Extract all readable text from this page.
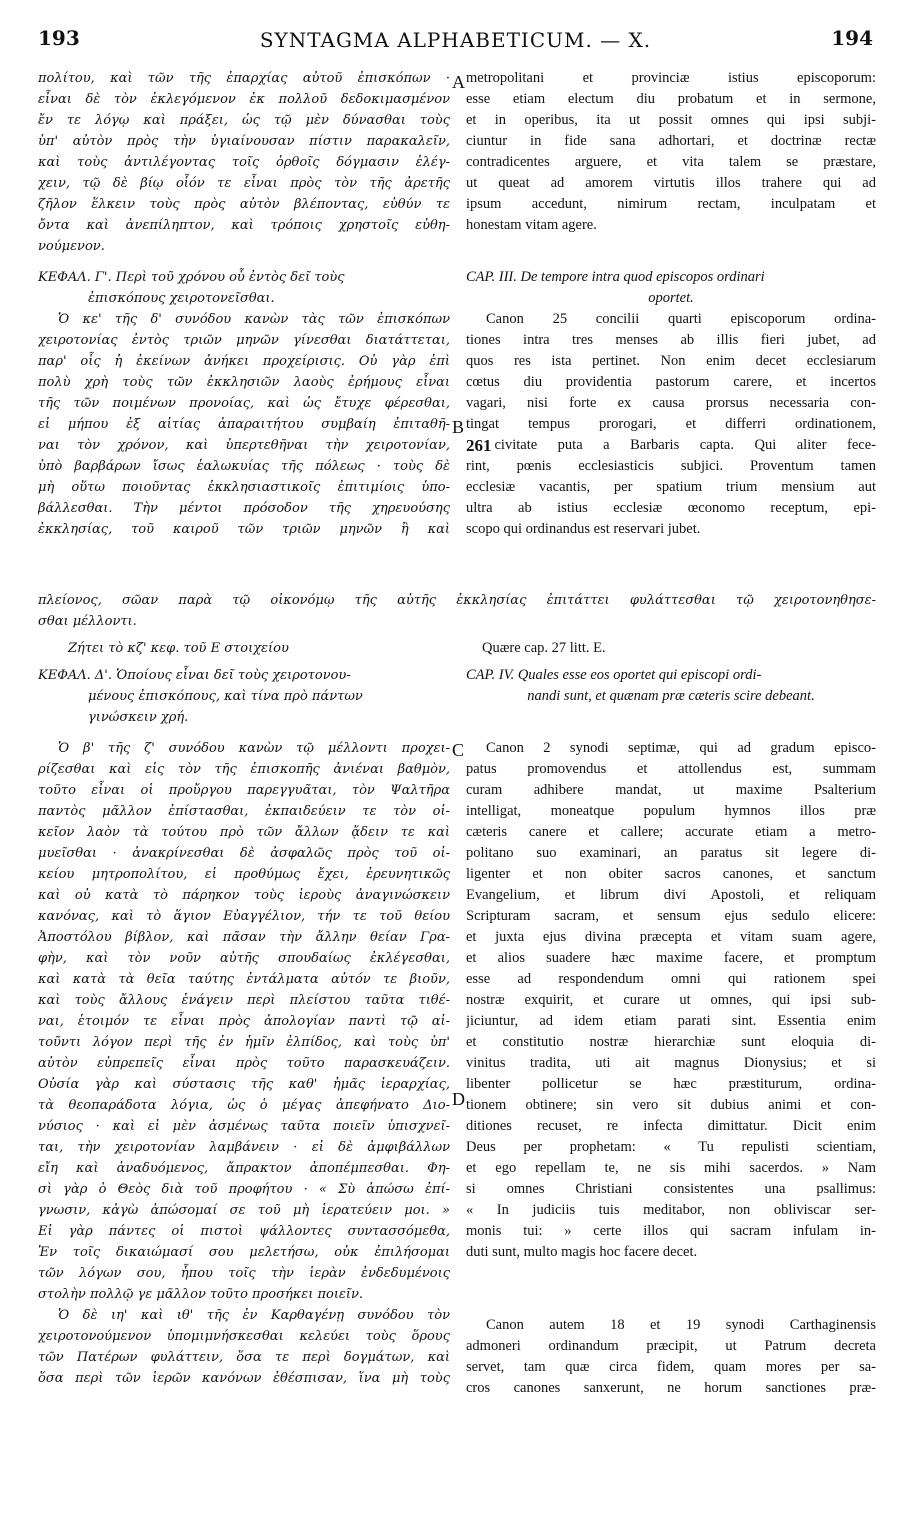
193	SYNTAGMA ALPHABETICUM. — X.	194
A
B
C
D
πολίτου, καὶ τῶν τῆς ἐπαρχίας αὐτοῦ ἐπισκόπων ·
εἶναι δὲ τὸν ἐκλεγόμενον ἐκ πολλοῦ δεδοκιμασμένον
ἔν τε λόγῳ καὶ πράξει, ὡς τῷ μὲν δύνασθαι τοὺς
ὑπ' αὐτὸν πρὸς τὴν ὑγιαίνουσαν πίστιν παρακαλεῖν,
καὶ τοὺς ἀντιλέγοντας τοῖς ὀρθοῖς δόγμασιν ἐλέγ-
χειν, τῷ δὲ βίῳ οἷόν τε εἶναι πρὸς τὸν τῆς ἀρετῆς
ζῆλον ἕλκειν τοὺς πρὸς αὐτὸν βλέποντας, εὐθύν τε
ὄντα καὶ ἀνεπίληπτον, καὶ τρόποις χρηστοῖς εὐθη-
νούμενον.
ΚΕΦΑΛ. Γ'. Περὶ τοῦ χρόνου οὗ ἐντὸς δεῖ τοὺς
ἐπισκόπους χειροτονεῖσθαι.
Ὁ κε' τῆς δ' συνόδου κανὼν τὰς τῶν ἐπισκόπων
χειροτονίας ἐντὸς τριῶν μηνῶν γίνεσθαι διατάττεται,
παρ' οἷς ἡ ἐκείνων ἀνήκει προχείρισις. Οὐ γὰρ ἐπὶ
πολὺ χρὴ τοὺς τῶν ἐκκλησιῶν λαοὺς ἐρήμους εἶναι
τῆς τῶν ποιμένων προνοίας, καὶ ὡς ἔτυχε φέρεσθαι,
εἰ μήπου ἐξ αἰτίας ἀπαραιτήτου συμβαίη ἐπιταθῆ-
ναι τὸν χρόνον, καὶ ὑπερτεθῆναι τὴν χειροτονίαν,
ὑπὸ βαρβάρων ἴσως ἑαλωκυίας τῆς πόλεως · τοὺς δὲ
μὴ οὕτω ποιοῦντας ἐκκλησιαστικοῖς ἐπιτιμίοις ὑπο-
βάλλεσθαι. Τὴν μέντοι πρόσοδον τῆς χηρευούσης
ἐκκλησίας, τοῦ καιροῦ τῶν τριῶν μηνῶν ἢ καὶ
metropolitani et provinciæ istius episcoporum:
esse etiam electum diu probatum et in sermone,
et in operibus, ita ut possit omnes qui ipsi subji-
ciuntur in fide sana adhortari, et doctrinæ rectæ
contradicentes arguere, et vita talem se præstare,
ut queat ad amorem virtutis illos trahere qui ad
ipsum accedunt, nimirum rectam, inculpatam et
honestam vitam agere.
CAP. III. De tempore intra quod episcopos ordinari
oportet.
Canon 25 concilii quarti episcoporum ordina-
tiones intra tres menses ab illis fieri jubet, ad
quos res ista pertinet. Non enim decet ecclesiarum
cœtus diu providentia pastorum carere, et incertos
vagari, nisi forte ex causa prorsus necessaria con-
tingat tempus prorogari, et differri ordinationem,
261 civitate puta a Barbaris capta. Qui aliter fece-
rint, pœnis ecclesiasticis subjici. Proventum tamen
ecclesiæ vacantis, per spatium trium mensium aut
ultra ab istius ecclesiæ œconomo receptum, epi-
scopo qui ordinandus est reservari jubet.
πλείονος, σῶαν παρὰ τῷ οἰκονόμῳ τῆς αὐτῆς ἐκκλησίας ἐπιτάττει φυλάττεσθαι τῷ χειροτονηθησε-
σθαι μέλλοντι.
Ζήτει τὸ κζ' κεφ. τοῦ Ε στοιχείου
ΚΕΦΑΛ. Δ'. Ὁποίους εἶναι δεῖ τοὺς χειροτονου-
μένους ἐπισκόπους, καὶ τίνα πρὸ πάντων
γινώσκειν χρή.
Ὁ β' τῆς ζ' συνόδου κανὼν τῷ μέλλοντι προχει-
ρίζεσθαι καὶ εἰς τὸν τῆς ἐπισκοπῆς ἀνιέναι βαθμὸν,
τοῦτο εἶναι οἱ προὔργου παρεγγυᾶται, τὸν Ψαλτῆρα
παντὸς μᾶλλον ἐπίστασθαι, ἐκπαιδεύειν τε τὸν οἰ-
κεῖον λαὸν τὰ τούτου πρὸ τῶν ἄλλων ᾄδειν τε καὶ
μυεῖσθαι · ἀνακρίνεσθαι δὲ ἀσφαλῶς πρὸς τοῦ οἰ-
κείου μητροπολίτου, εἰ προθύμως ἔχει, ἐρευνητικῶς
καὶ οὐ κατὰ τὸ πάρηκον τοὺς ἱεροὺς ἀναγινώσκειν
κανόνας, καὶ τὸ ἅγιον Εὐαγγέλιον, τήν τε τοῦ θείου
Ἀποστόλου βίβλον, καὶ πᾶσαν τὴν ἄλλην θείαν Γρα-
φὴν, καὶ τὸν νοῦν αὐτῆς σπουδαίως ἐκλέγεσθαι,
καὶ κατὰ τὰ θεῖα ταύτης ἐντάλματα αὐτόν τε βιοῦν,
καὶ τοὺς ἄλλους ἐνάγειν περὶ πλείστου ταῦτα τιθέ-
ναι, ἑτοιμόν τε εἶναι πρὸς ἀπολογίαν παντὶ τῷ αἰ-
τοῦντι λόγον περὶ τῆς ἐν ἡμῖν ἐλπίδος, καὶ τοὺς ὑπ'
αὐτὸν εὐπρεπεῖς εἶναι πρὸς τοῦτο παρασκευάζειν.
Οὐσία γὰρ καὶ σύστασις τῆς καθ' ἡμᾶς ἱεραρχίας,
τὰ θεοπαράδοτα λόγια, ὡς ὁ μέγας ἀπεφήνατο Διο-
νύσιος · καὶ εἰ μὲν ἀσμένως ταῦτα ποιεῖν ὑπισχνεῖ-
ται, τὴν χειροτονίαν λαμβάνειν · εἰ δὲ ἀμφιβάλλων
εἴη καὶ ἀναδυόμενος, ἄπρακτον ἀποπέμπεσθαι. Φη-
σὶ γὰρ ὁ Θεὸς διὰ τοῦ προφήτου · « Σὺ ἀπώσω ἐπί-
γνωσιν, κἀγὼ ἀπώσομαί σε τοῦ μὴ ἱερατεύειν μοι. »
Εἰ γὰρ πάντες οἱ πιστοὶ ψάλλοντες συντασσόμεθα,
Ἐν τοῖς δικαιώμασί σου μελετήσω, οὐκ ἐπιλήσομαι
τῶν λόγων σου, ἧπου τοῖς τὴν ἱερὰν ἐνδεδυμένοις
στολὴν πολλῷ γε μᾶλλον τοῦτο προσήκει ποιεῖν.
Ὁ δὲ ιη' καὶ ιθ' τῆς ἐν Καρθαγένῃ συνόδου τὸν
χειροτονούμενον ὑπομιμνήσκεσθαι κελεύει τοὺς ὅρους
τῶν Πατέρων φυλάττειν, ὅσα τε περὶ δογμάτων, καὶ
ὅσα περὶ τῶν ἱερῶν κανόνων ἐθέσπισαν, ἵνα μὴ τοὺς
Quære cap. 27 litt. E.
CAP. IV. Quales esse eos oportet qui episcopi ordi-
nandi sunt, et quænam præ cæteris scire debeant.
Canon 2 synodi septimæ, qui ad gradum episco-
patus promovendus et attollendus est, summam
curam adhibere mandat, ut maxime Psalterium
intelligat, moneatque populum hymnos illos præ
cæteris canere et callere; accurate etiam a metro-
politano suo examinari, an paratus sit legere di-
ligenter et non obiter sacros canones, et sanctum
Evangelium, et librum divi Apostoli, et reliquam
Scripturam sacram, et sensum ejus sedulo elicere:
et juxta ejus divina præcepta et vitam suam agere,
et alios suadere hæc maxime facere, et promptum
esse ad respondendum omni qui rationem spei
nostræ exquirit, et curare ut omnes, qui ipsi sub-
jiciuntur, ad idem etiam parati sint. Essentia enim
et constitutio nostræ hierarchiæ sunt eloquia di-
vinitus tradita, uti ait magnus Dionysius; et si
libenter pollicetur se hæc præstiturum, ordina-
tionem obtinere; sin vero sit dubius animi et con-
ditiones recuset, re infecta dimittatur. Dicit enim
Deus per prophetam: « Tu repulisti scientiam,
et ego repellam te, ne sis mihi sacerdos. » Nam
si omnes Christiani consistentes una psallimus:
« In judiciis tuis meditabor, non obliviscar ser-
monis tui: » certe illos qui sacram infulam in-
duti sunt, multo magis hoc facere decet.
Canon autem 18 et 19 synodi Carthaginensis
admoneri ordinandum præcipit, ut Patrum decreta
servet, tam quæ circa fidem, quam mores per sa-
cros canones sanxerunt, ne horum sanctiones præ-
